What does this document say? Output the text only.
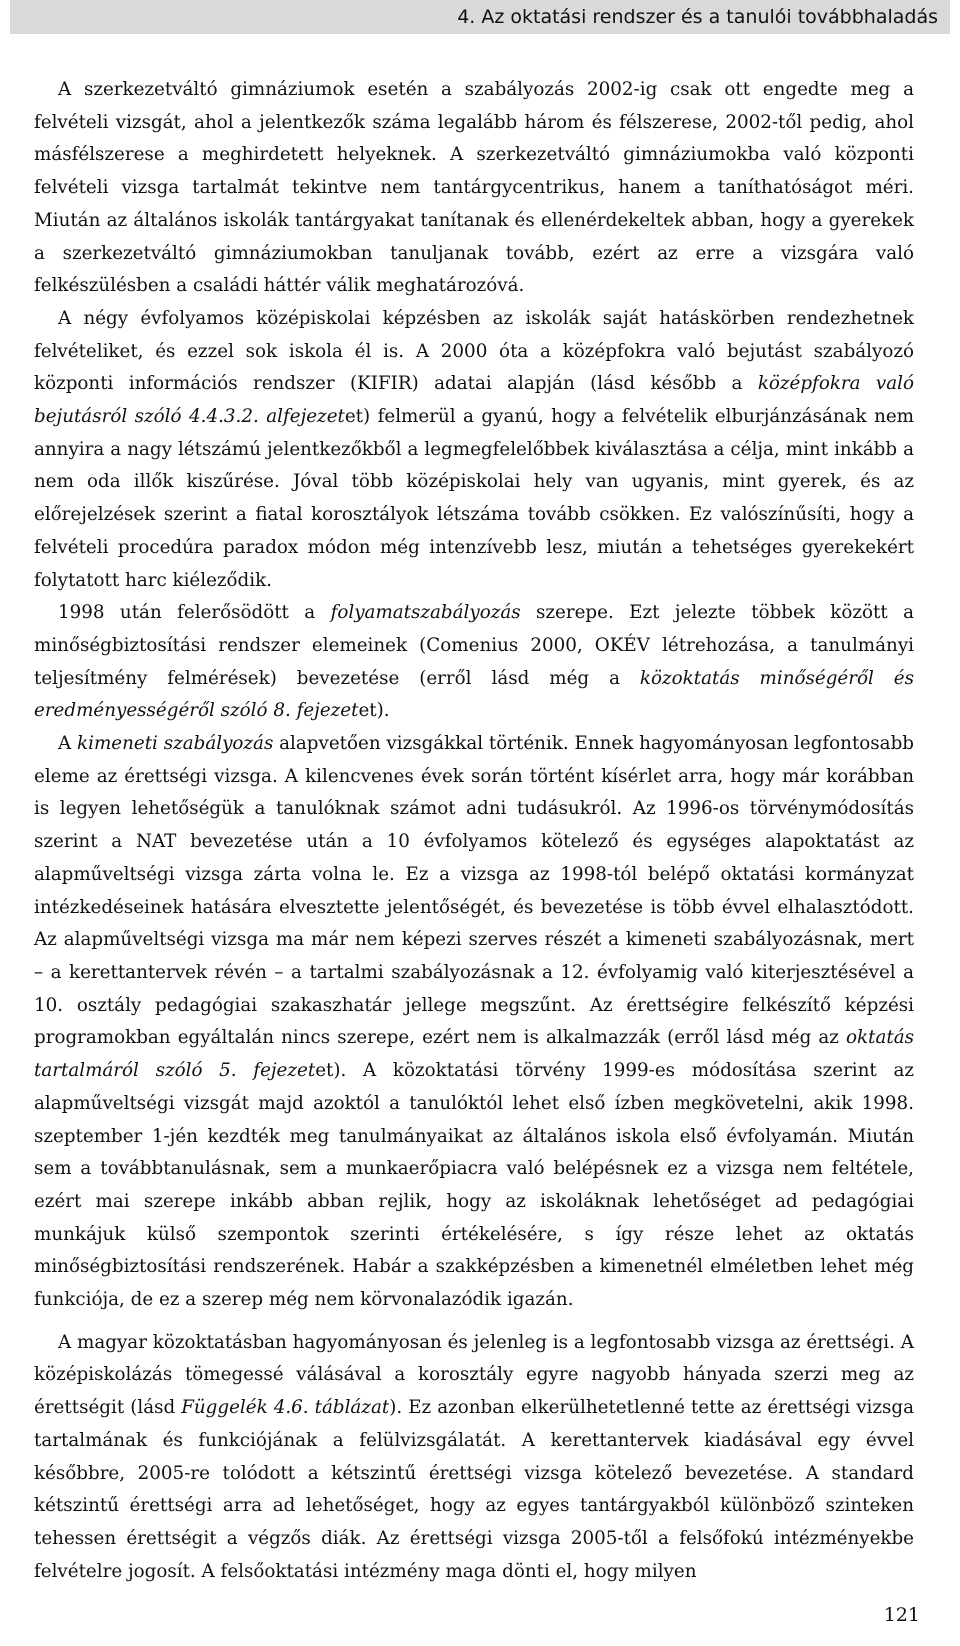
4. Az oktatási rendszer és a tanulói továbbhaladás

A szerkezetváltó gimnáziumok esetén a szabályozás 2002-ig csak ott engedte meg a felvételi vizsgát, ahol a jelentkezők száma legalább három és félszerese, 2002-től pedig, ahol másfélszerese a meghirdetett helyeknek. A szerkezetváltó gimnáziumokba való központi felvételi vizsga tartalmát tekintve nem tantárgycentrikus, hanem a taníthatóságot méri. Miután az általános iskolák tantárgyakat tanítanak és ellenérdekeltek abban, hogy a gyerekek a szerkezetváltó gimnáziumokban tanuljanak tovább, ezért az erre a vizsgára való felkészülésben a családi háttér válik meghatározóvá.

A négy évfolyamos középiskolai képzésben az iskolák saját hatáskörben rendezhetnek felvételiket, és ezzel sok iskola él is. A 2000 óta a középfokra való bejutást szabályozó központi információs rendszer (KIFIR) adatai alapján (lásd később a középfokra való bejutásról szóló 4.4.3.2. alfejezetet) felmerül a gyanú, hogy a felvételik elburjánzásának nem annyira a nagy létszámú jelentkezőkből a legmegfelelőbbek kiválasztása a célja, mint inkább a nem oda illők kiszűrése. Jóval több középiskolai hely van ugyanis, mint gyerek, és az előrejelzések szerint a fiatal korosztályok létszáma tovább csökken. Ez valószínűsíti, hogy a felvételi procedúra paradox módon még intenzívebb lesz, miután a tehetséges gyerekekért folytatott harc kiéleződik.

1998 után felerősödött a folyamatszabályozás szerepe. Ezt jelezte többek között a minőségbiztosítási rendszer elemeinek (Comenius 2000, OKÉV létrehozása, a tanulmányi teljesítmény felmérések) bevezetése (erről lásd még a közoktatás minőségéről és eredményességéről szóló 8. fejezetet).

A kimeneti szabályozás alapvetően vizsgákkal történik. Ennek hagyományosan legfontosabb eleme az érettségi vizsga. A kilencvenes évek során történt kísérlet arra, hogy már korábban is legyen lehetőségük a tanulóknak számot adni tudásukról. Az 1996-os törvénymódosítás szerint a NAT bevezetése után a 10 évfolyamos kötelező és egységes alapoktatást az alapműveltségi vizsga zárta volna le. Ez a vizsga az 1998-tól belépő oktatási kormányzat intézkedéseinek hatására elvesztette jelentőségét, és bevezetése is több évvel elhalasztódott. Az alapműveltségi vizsga ma már nem képezi szerves részét a kimeneti szabályozásnak, mert – a kerettantervek révén – a tartalmi szabályozásnak a 12. évfolyamig való kiterjesztésével a 10. osztály pedagógiai szakaszhatár jellege megszűnt. Az érettségire felkészítő képzési programokban egyáltalán nincs szerepe, ezért nem is alkalmazzák (erről lásd még az oktatás tartalmáról szóló 5. fejezetet). A közoktatási törvény 1999-es módosítása szerint az alapműveltségi vizsgát majd azoktól a tanulóktól lehet első ízben megkövetelni, akik 1998. szeptember 1-jén kezdték meg tanulmányaikat az általános iskola első évfolyamán. Miután sem a továbbtanulásnak, sem a munkaerőpiacra való belépésnek ez a vizsga nem feltétele, ezért mai szerepe inkább abban rejlik, hogy az iskoláknak lehetőséget ad pedagógiai munkájuk külső szempontok szerinti értékelésére, s így része lehet az oktatás minőségbiztosítási rendszerének. Habár a szakképzésben a kimenetnél elméletben lehet még funkciója, de ez a szerep még nem körvonalazódik igazán.

A magyar közoktatásban hagyományosan és jelenleg is a legfontosabb vizsga az érettségi. A középiskolázás tömegessé válásával a korosztály egyre nagyobb hányada szerzi meg az érettségit (lásd Függelék 4.6. táblázat). Ez azonban elkerülhetetlenné tette az érettségi vizsga tartalmának és funkciójának a felülvizsgálatát. A kerettantervek kiadásával egy évvel későbbre, 2005-re tolódott a kétszintű érettségi vizsga kötelező bevezetése. A standard kétszintű érettségi arra ad lehetőséget, hogy az egyes tantárgyakból különböző szinteken tehessen érettségit a végzős diák. Az érettségi vizsga 2005-től a felsőfokú intézményekbe felvételre jogosít. A felsőoktatási intézmény maga dönti el, hogy milyen

121
